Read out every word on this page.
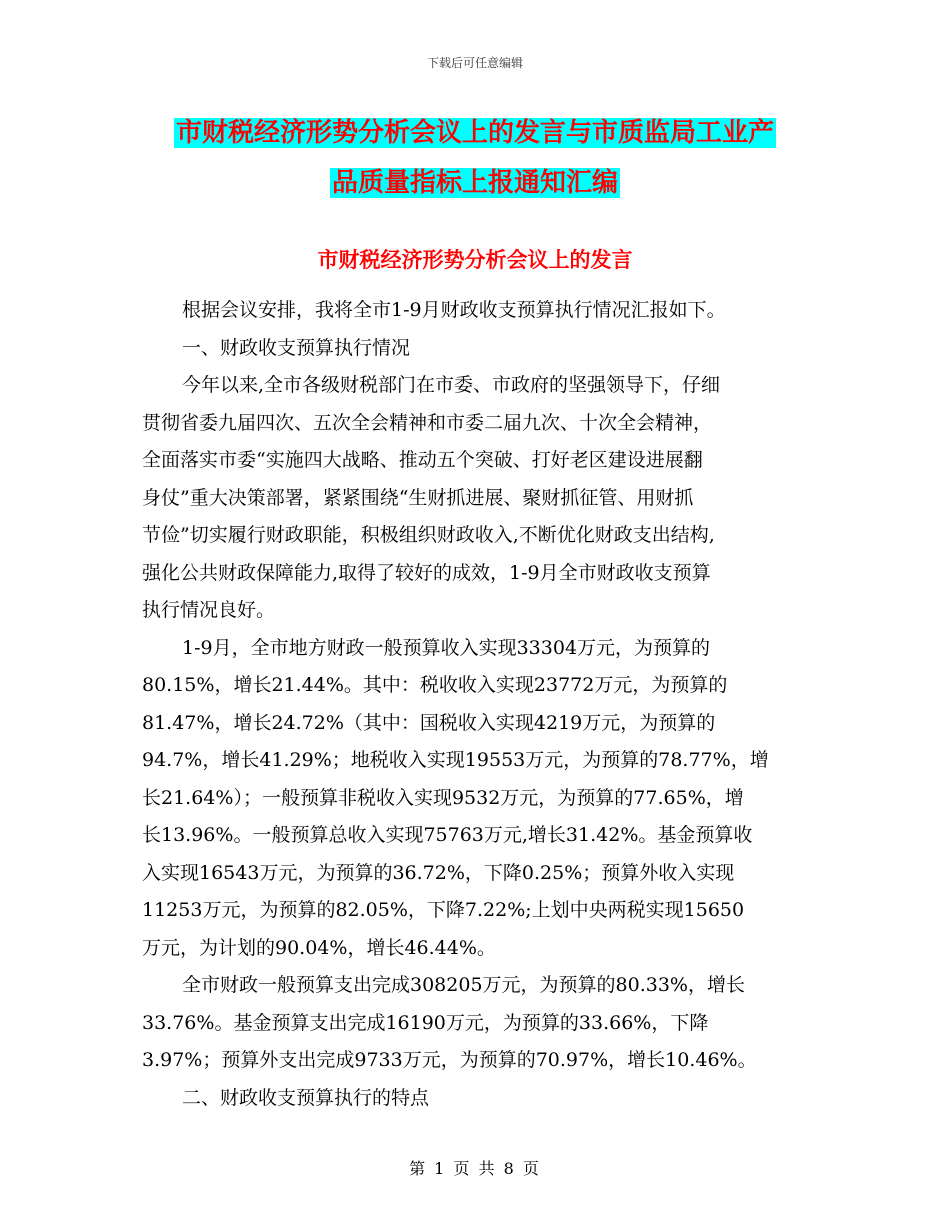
下载后可任意编辑
市财税经济形势分析会议上的发言与市质监局工业产
品质量指标上报通知汇编
市财税经济形势分析会议上的发言
根据会议安排，我将全市1-9月财政收支预算执行情况汇报如下。
一、财政收支预算执行情况
今年以来,全市各级财税部门在市委、市政府的坚强领导下，仔细
贯彻省委九届四次、五次全会精神和市委二届九次、十次全会精神，
全面落实市委“实施四大战略、推动五个突破、打好老区建设进展翻
身仗”重大决策部署，紧紧围绕“生财抓进展、聚财抓征管、用财抓
节俭”切实履行财政职能，积极组织财政收入,不断优化财政支出结构,
强化公共财政保障能力,取得了较好的成效，1-9月全市财政收支预算
执行情况良好。
1-9月，全市地方财政一般预算收入实现33304万元，为预算的
80.15%，增长21.44%。其中：税收收入实现23772万元，为预算的
81.47%，增长24.72%（其中：国税收入实现4219万元，为预算的
94.7%，增长41.29%；地税收入实现19553万元，为预算的78.77%，增
长21.64%）；一般预算非税收入实现9532万元，为预算的77.65%，增
长13.96%。一般预算总收入实现75763万元,增长31.42%。基金预算收
入实现16543万元，为预算的36.72%，下降0.25%；预算外收入实现
11253万元，为预算的82.05%，下降7.22%;上划中央两税实现15650
万元，为计划的90.04%，增长46.44%。
全市财政一般预算支出完成308205万元，为预算的80.33%，增长
33.76%。基金预算支出完成16190万元，为预算的33.66%，下降
3.97%；预算外支出完成9733万元，为预算的70.97%，增长10.46%。
二、财政收支预算执行的特点
第 1 页 共 8 页
